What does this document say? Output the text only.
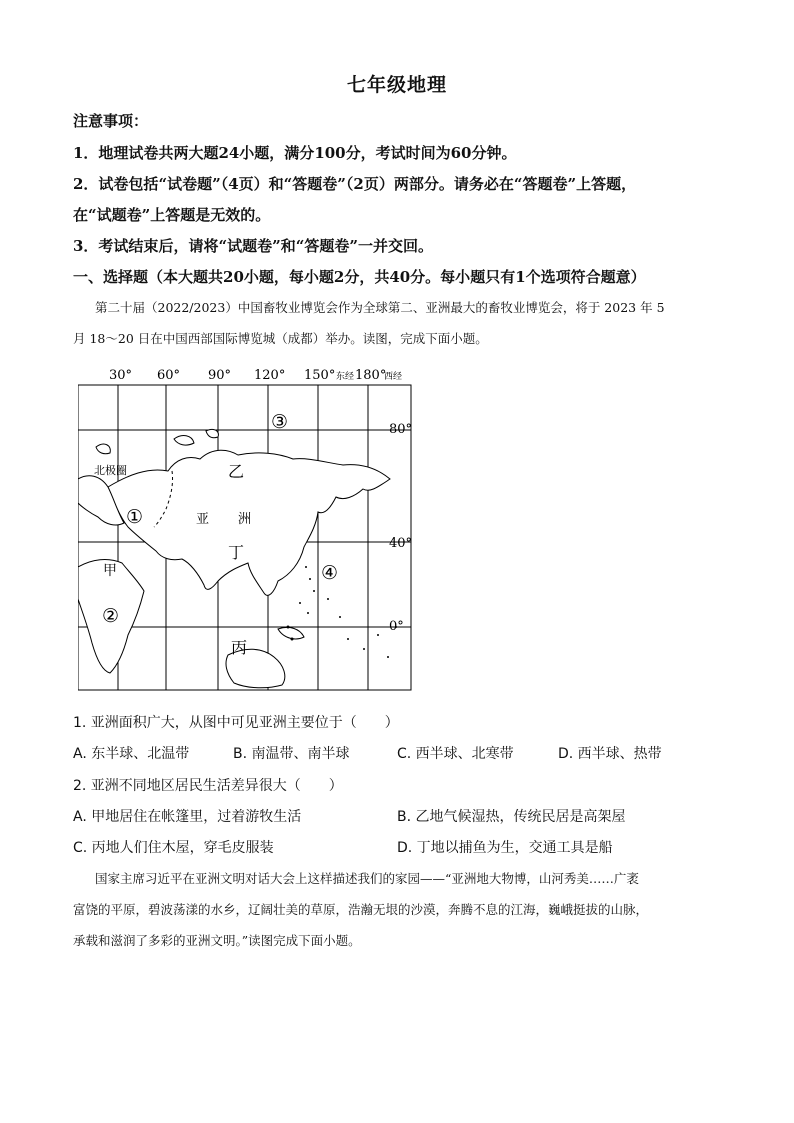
七年级地理
注意事项：
1．地理试卷共两大题24小题，满分100分，考试时间为60分钟。
2．试卷包括“试卷题”（4页）和“答题卷”（2页）两部分。请务必在“答题卷”上答题，
在“试题卷”上答题是无效的。
3．考试结束后，请将“试题卷”和“答题卷”一并交回。
一、选择题（本大题共20小题，每小题2分，共40分。每小题只有1个选项符合题意）
第二十届（2022/2023）中国畜牧业博览会作为全球第二、亚洲最大的畜牧业博览会，将于 2023 年 5
月 18～20 日在中国西部国际博览城（成都）举办。读图，完成下面小题。
30° 60° 90° 120° 150° 东经 180°
西经
80°
40°
0°
北极圈	乙
亚 洲
丁
甲
丙
①
②
③
④
1. 亚洲面积广大，从图中可见亚洲主要位于（　　）
A. 东半球、北温带	B. 南温带、南半球	C. 西半球、北寒带	D. 西半球、热带
2. 亚洲不同地区居民生活差异很大（　　）
A. 甲地居住在帐篷里，过着游牧生活	B. 乙地气候湿热，传统民居是高架屋
C. 丙地人们住木屋，穿毛皮服装	D. 丁地以捕鱼为生，交通工具是船
国家主席习近平在亚洲文明对话大会上这样描述我们的家园——“亚洲地大物博，山河秀美……广袤
富饶的平原，碧波荡漾的水乡，辽阔壮美的草原，浩瀚无垠的沙漠，奔腾不息的江海，巍峨挺拔的山脉，
承载和滋润了多彩的亚洲文明。”读图完成下面小题。
